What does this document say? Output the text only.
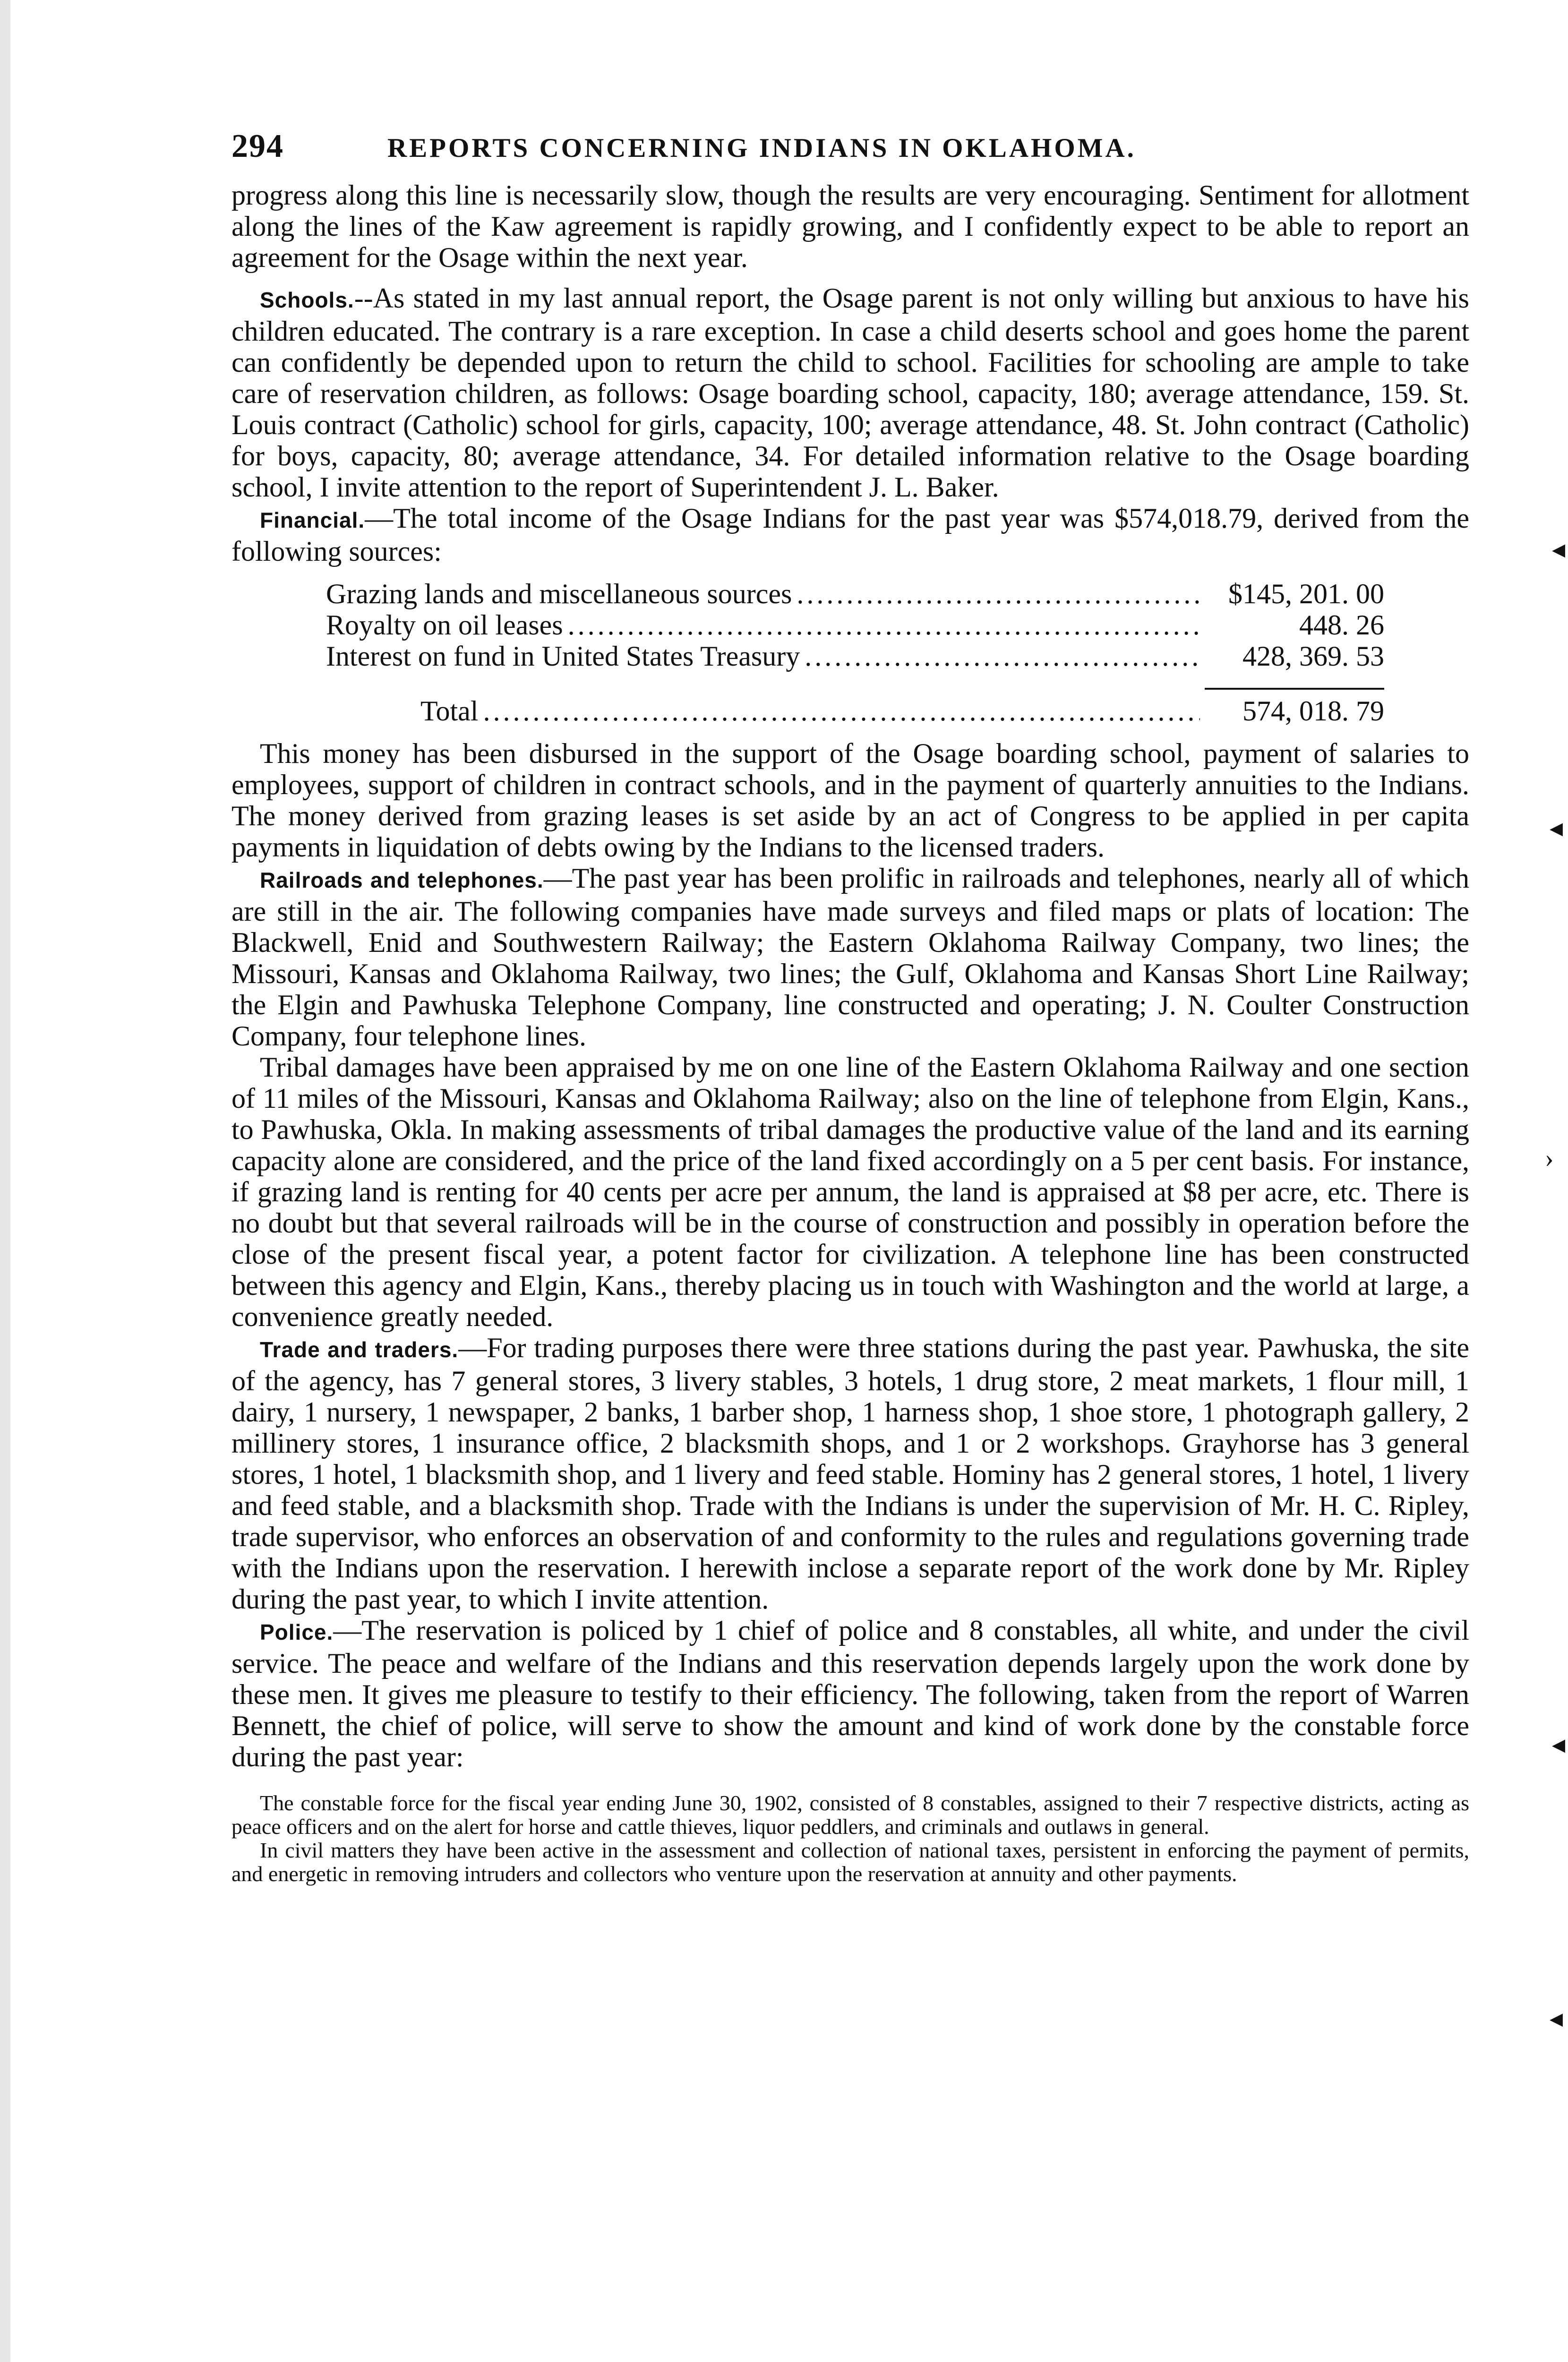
◂
◂
›
◂
◂
294	REPORTS CONCERNING INDIANS IN OKLAHOMA.

progress along this line is necessarily slow, though the results are very encouraging. Sentiment for allotment along the lines of the Kaw agreement is rapidly growing, and I confidently expect to be able to report an agreement for the Osage within the next year.

Schools.--As stated in my last annual report, the Osage parent is not only willing but anxious to have his children educated. The contrary is a rare exception. In case a child deserts school and goes home the parent can confidently be depended upon to return the child to school. Facilities for schooling are ample to take care of reservation children, as follows: Osage boarding school, capacity, 180; average attendance, 159. St. Louis contract (Catholic) school for girls, capacity, 100; average attendance, 48. St. John contract (Catholic) for boys, capacity, 80; average attendance, 34. For detailed information relative to the Osage boarding school, I invite attention to the report of Superintendent J. L. Baker.

Financial.—The total income of the Osage Indians for the past year was $574,018.79, derived from the following sources:

Grazing lands and miscellaneous sources .....	$145, 201. 00
Royalty on oil leases .....	448. 26
Interest on fund in United States Treasury .....	428, 369. 53
Total .....	574, 018. 79

This money has been disbursed in the support of the Osage boarding school, payment of salaries to employees, support of children in contract schools, and in the payment of quarterly annuities to the Indians. The money derived from grazing leases is set aside by an act of Congress to be applied in per capita payments in liquidation of debts owing by the Indians to the licensed traders.

Railroads and telephones.—The past year has been prolific in railroads and telephones, nearly all of which are still in the air. The following companies have made surveys and filed maps or plats of location: The Blackwell, Enid and Southwestern Railway; the Eastern Oklahoma Railway Company, two lines; the Missouri, Kansas and Oklahoma Railway, two lines; the Gulf, Oklahoma and Kansas Short Line Railway; the Elgin and Pawhuska Telephone Company, line constructed and operating; J. N. Coulter Construction Company, four telephone lines.

Tribal damages have been appraised by me on one line of the Eastern Oklahoma Railway and one section of 11 miles of the Missouri, Kansas and Oklahoma Railway; also on the line of telephone from Elgin, Kans., to Pawhuska, Okla. In making assessments of tribal damages the productive value of the land and its earning capacity alone are considered, and the price of the land fixed accordingly on a 5 per cent basis. For instance, if grazing land is renting for 40 cents per acre per annum, the land is appraised at $8 per acre, etc. There is no doubt but that several railroads will be in the course of construction and possibly in operation before the close of the present fiscal year, a potent factor for civilization. A telephone line has been constructed between this agency and Elgin, Kans., thereby placing us in touch with Washington and the world at large, a convenience greatly needed.

Trade and traders.—For trading purposes there were three stations during the past year. Pawhuska, the site of the agency, has 7 general stores, 3 livery stables, 3 hotels, 1 drug store, 2 meat markets, 1 flour mill, 1 dairy, 1 nursery, 1 newspaper, 2 banks, 1 barber shop, 1 harness shop, 1 shoe store, 1 photograph gallery, 2 millinery stores, 1 insurance office, 2 blacksmith shops, and 1 or 2 workshops. Grayhorse has 3 general stores, 1 hotel, 1 blacksmith shop, and 1 livery and feed stable. Hominy has 2 general stores, 1 hotel, 1 livery and feed stable, and a blacksmith shop. Trade with the Indians is under the supervision of Mr. H. C. Ripley, trade supervisor, who enforces an observation of and conformity to the rules and regulations governing trade with the Indians upon the reservation. I herewith inclose a separate report of the work done by Mr. Ripley during the past year, to which I invite attention.

Police.—The reservation is policed by 1 chief of police and 8 constables, all white, and under the civil service. The peace and welfare of the Indians and this reservation depends largely upon the work done by these men. It gives me pleasure to testify to their efficiency. The following, taken from the report of Warren Bennett, the chief of police, will serve to show the amount and kind of work done by the constable force during the past year:

The constable force for the fiscal year ending June 30, 1902, consisted of 8 constables, assigned to their 7 respective districts, acting as peace officers and on the alert for horse and cattle thieves, liquor peddlers, and criminals and outlaws in general.

In civil matters they have been active in the assessment and collection of national taxes, persistent in enforcing the payment of permits, and energetic in removing intruders and collectors who venture upon the reservation at annuity and other payments.
